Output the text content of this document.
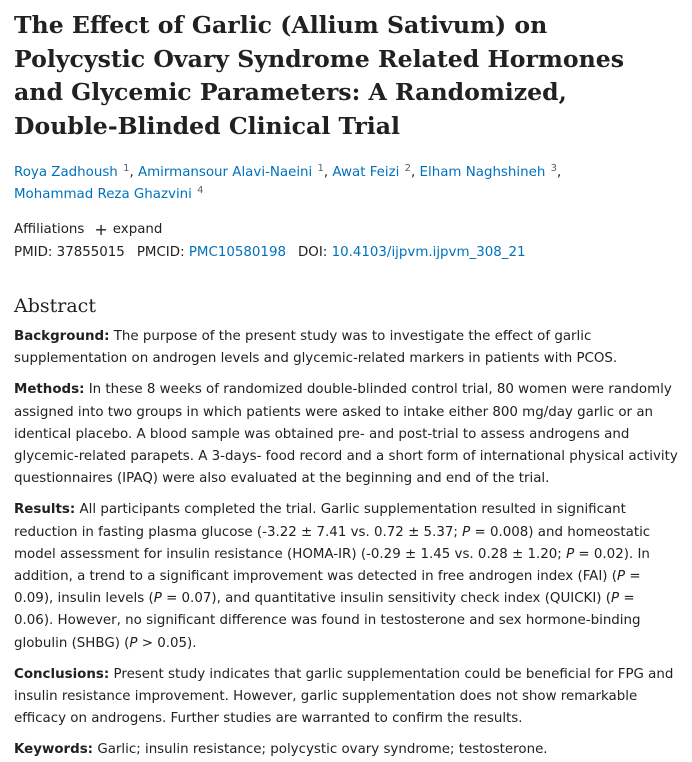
The Effect of Garlic (Allium Sativum) on Polycystic Ovary Syndrome Related Hormones and Glycemic Parameters: A Randomized, Double-Blinded Clinical Trial
Roya Zadhoush $^1$, Amirmansour Alavi-Naeini $^1$, Awat Feizi $^2$, Elham Naghshineh $^3$,
Mohammad Reza Ghazvini $^4$
Affiliations + expand
PMID: 37855015 PMCID: PMC10580198 DOI: 10.4103/ijpvm.ijpvm_308_21
Abstract
Background: The purpose of the present study was to investigate the effect of garlic supplementation on androgen levels and glycemic-related markers in patients with PCOS.
Methods: In these 8 weeks of randomized double-blinded control trial, 80 women were randomly assigned into two groups in which patients were asked to intake either 800 mg/day garlic or an identical placebo. A blood sample was obtained pre- and post-trial to assess androgens and glycemic-related parapets. A 3-days- food record and a short form of international physical activity questionnaires (IPAQ) were also evaluated at the beginning and end of the trial.
Results: All participants completed the trial. Garlic supplementation resulted in significant reduction in fasting plasma glucose (-3.22 ± 7.41 vs. 0.72 ± 5.37; P = 0.008) and homeostatic model assessment for insulin resistance (HOMA-IR) (-0.29 ± 1.45 vs. 0.28 ± 1.20; P = 0.02). In addition, a trend to a significant improvement was detected in free androgen index (FAI) (P = 0.09), insulin levels (P = 0.07), and quantitative insulin sensitivity check index (QUICKI) (P = 0.06). However, no significant difference was found in testosterone and sex hormone-binding globulin (SHBG) (P > 0.05).
Conclusions: Present study indicates that garlic supplementation could be beneficial for FPG and insulin resistance improvement. However, garlic supplementation does not show remarkable efficacy on androgens. Further studies are warranted to confirm the results.
Keywords: Garlic; insulin resistance; polycystic ovary syndrome; testosterone.
